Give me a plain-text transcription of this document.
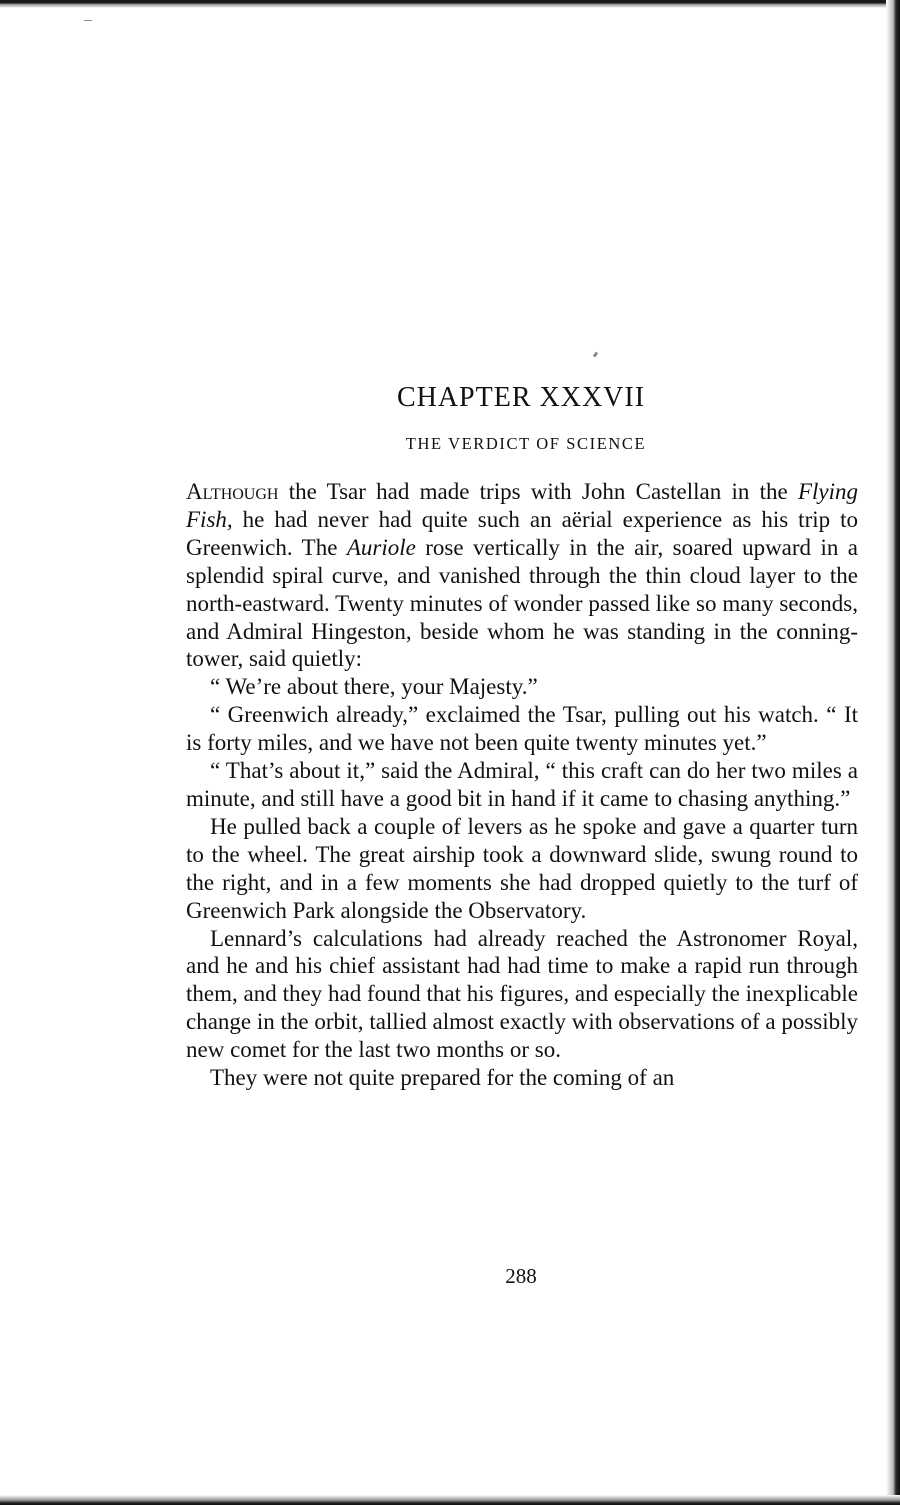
CHAPTER XXXVII
THE VERDICT OF SCIENCE

Although the Tsar had made trips with John Castellan in the Flying Fish, he had never had quite such an aërial experience as his trip to Greenwich. The Auriole rose vertically in the air, soared upward in a splendid spiral curve, and vanished through the thin cloud layer to the north-eastward. Twenty minutes of wonder passed like so many seconds, and Admiral Hingeston, beside whom he was standing in the conning-tower, said quietly:

“ We’re about there, your Majesty.”

“ Greenwich already,” exclaimed the Tsar, pulling out his watch. “ It is forty miles, and we have not been quite twenty minutes yet.”

“ That’s about it,” said the Admiral, “ this craft can do her two miles a minute, and still have a good bit in hand if it came to chasing anything.”

He pulled back a couple of levers as he spoke and gave a quarter turn to the wheel. The great airship took a downward slide, swung round to the right, and in a few moments she had dropped quietly to the turf of Greenwich Park alongside the Observatory.

Lennard’s calculations had already reached the Astronomer Royal, and he and his chief assistant had had time to make a rapid run through them, and they had found that his figures, and especially the inexplicable change in the orbit, tallied almost exactly with observations of a possibly new comet for the last two months or so.

They were not quite prepared for the coming of an

288
